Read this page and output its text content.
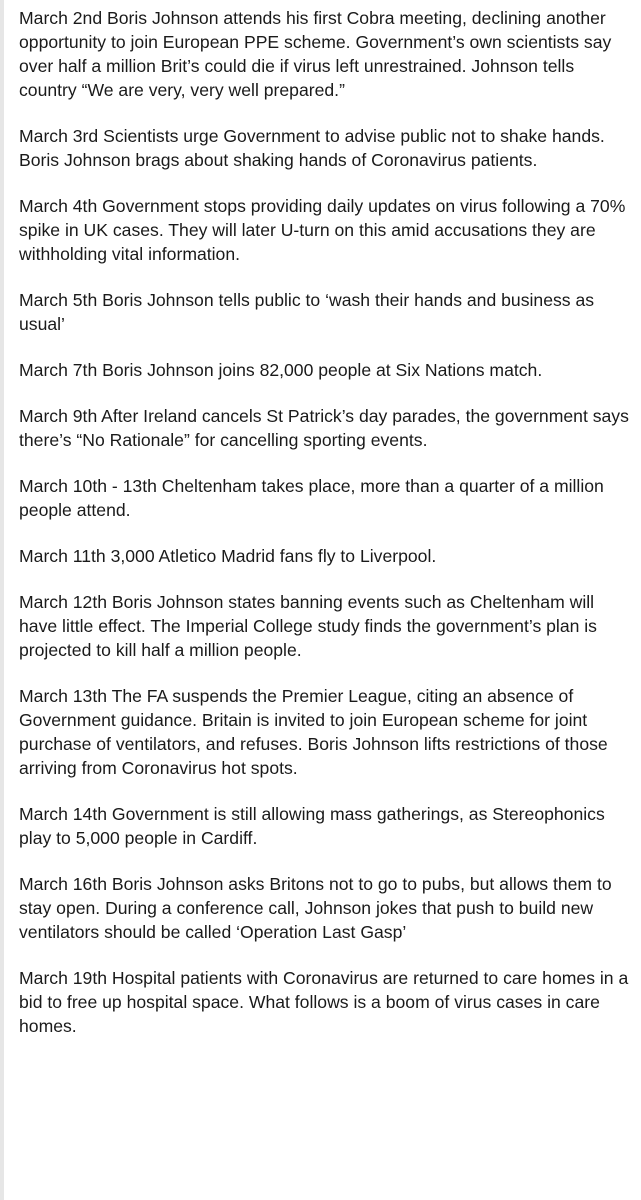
March 2nd Boris Johnson attends his first Cobra meeting, declining another opportunity to join European PPE scheme. Government’s own scientists say over half a million Brit’s could die if virus left unrestrained. Johnson tells country “We are very, very well prepared.”

March 3rd Scientists urge Government to advise public not to shake hands. Boris Johnson brags about shaking hands of Coronavirus patients.

March 4th Government stops providing daily updates on virus following a 70% spike in UK cases. They will later U-turn on this amid accusations they are withholding vital information.

March 5th Boris Johnson tells public to ‘wash their hands and business as usual’

March 7th Boris Johnson joins 82,000 people at Six Nations match.

March 9th After Ireland cancels St Patrick’s day parades, the government says there’s “No Rationale” for cancelling sporting events.

March 10th - 13th Cheltenham takes place, more than a quarter of a million people attend.

March 11th 3,000 Atletico Madrid fans fly to Liverpool.

March 12th Boris Johnson states banning events such as Cheltenham will have little effect. The Imperial College study finds the government’s plan is projected to kill half a million people.

March 13th The FA suspends the Premier League, citing an absence of Government guidance. Britain is invited to join European scheme for joint purchase of ventilators, and refuses. Boris Johnson lifts restrictions of those arriving from Coronavirus hot spots.

March 14th Government is still allowing mass gatherings, as Stereophonics play to 5,000 people in Cardiff.

March 16th Boris Johnson asks Britons not to go to pubs, but allows them to stay open. During a conference call, Johnson jokes that push to build new ventilators should be called ‘Operation Last Gasp’

March 19th Hospital patients with Coronavirus are returned to care homes in a bid to free up hospital space. What follows is a boom of virus cases in care homes.
